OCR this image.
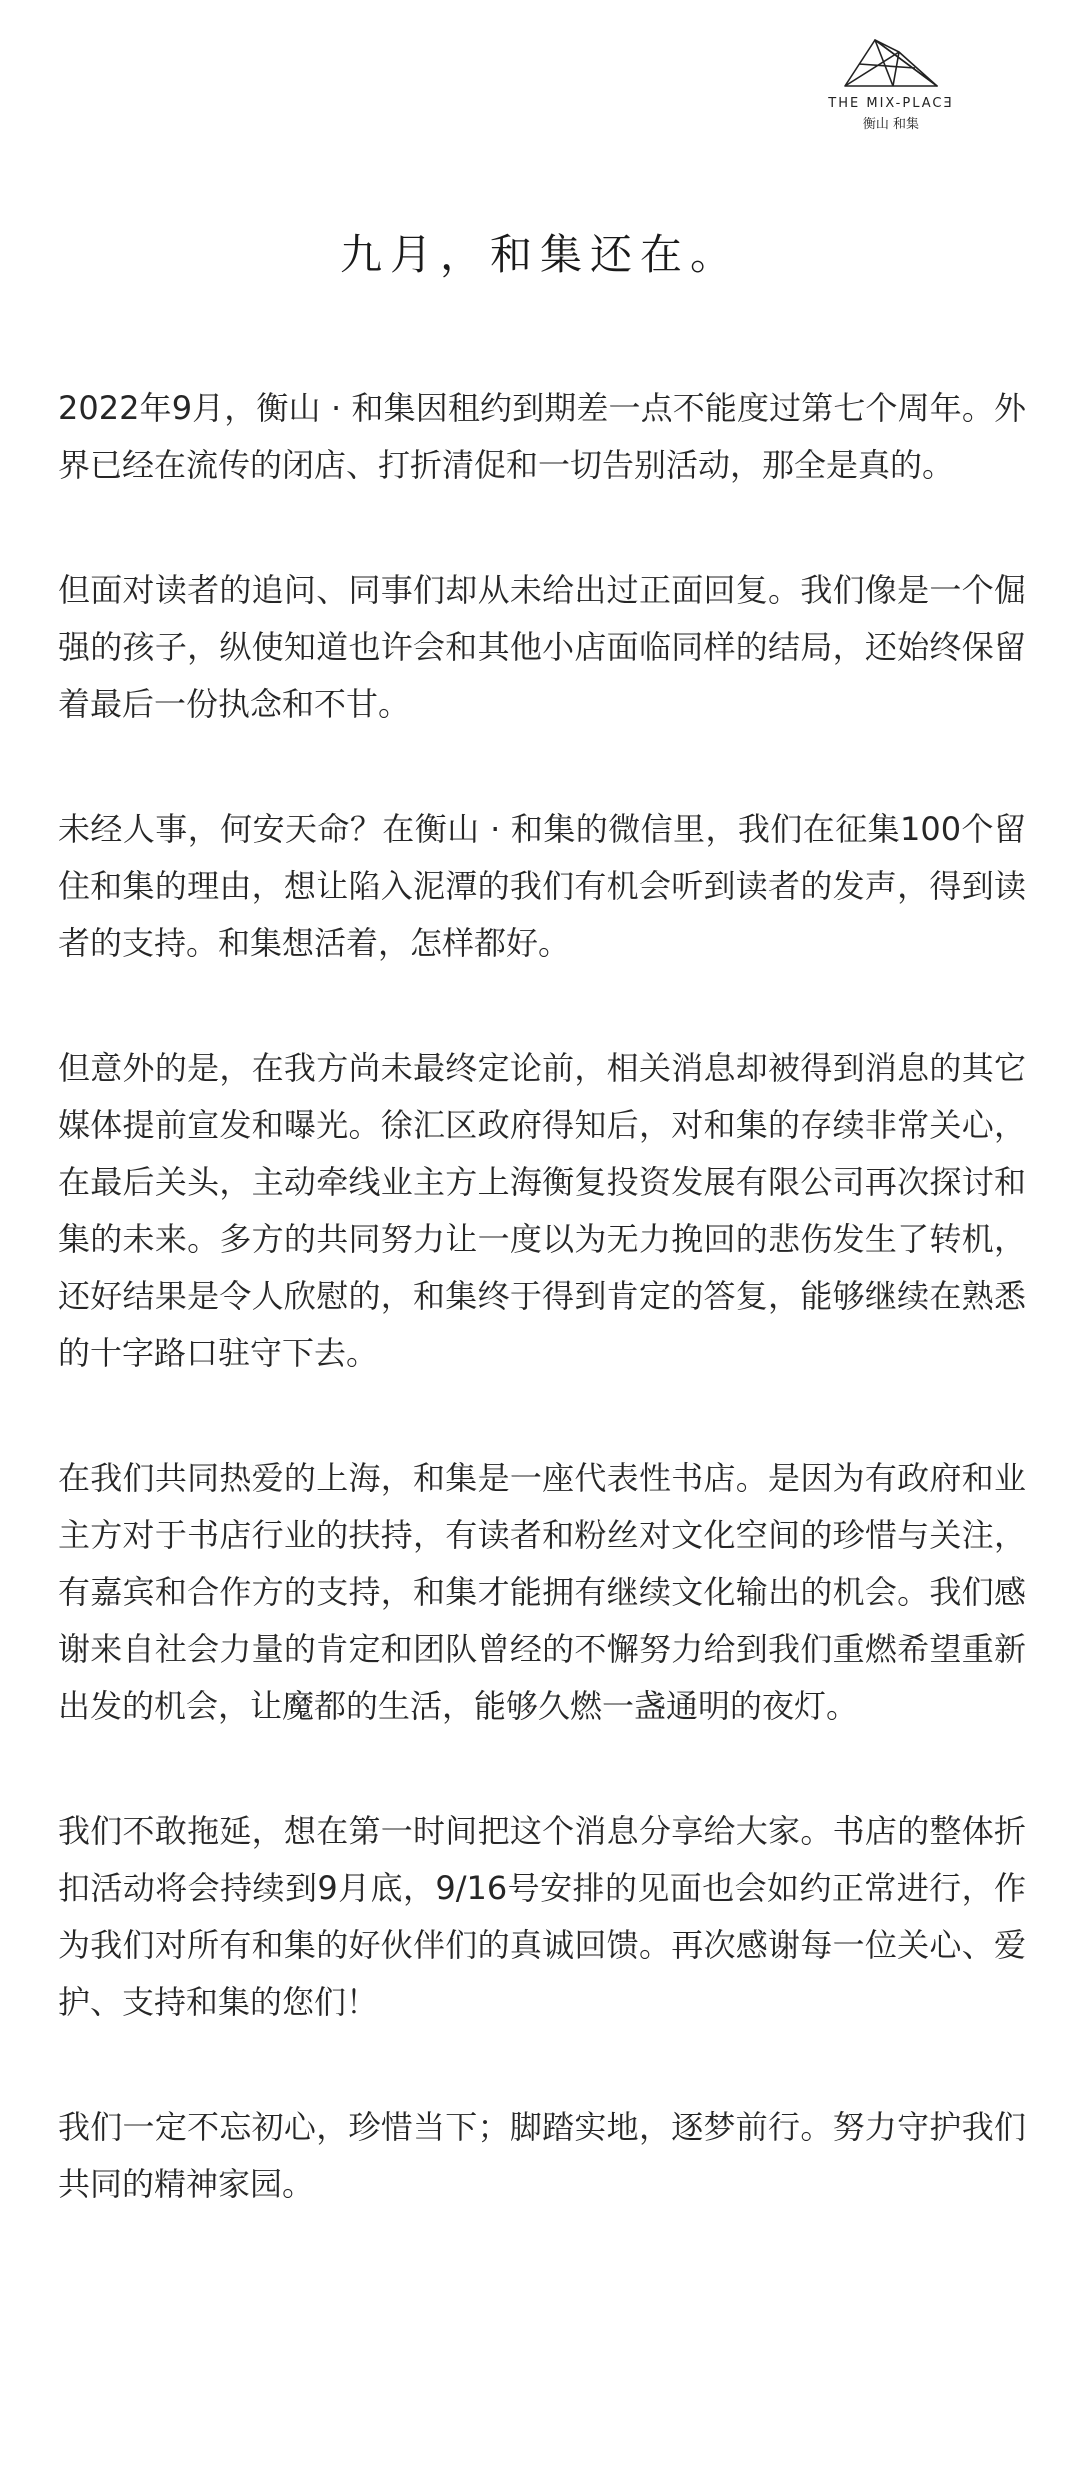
THE MIX-PLACƎ
衡山 和集
九月，和集还在。

2022年9月，衡山 · 和集因租约到期差一点不能度过第七个周年。外界已经在流传的闭店、打折清促和一切告别活动，那全是真的。

但面对读者的追问、同事们却从未给出过正面回复。我们像是一个倔强的孩子，纵使知道也许会和其他小店面临同样的结局，还始终保留着最后一份执念和不甘。

未经人事，何安天命？在衡山 · 和集的微信里，我们在征集100个留住和集的理由，想让陷入泥潭的我们有机会听到读者的发声，得到读者的支持。和集想活着，怎样都好。

但意外的是，在我方尚未最终定论前，相关消息却被得到消息的其它媒体提前宣发和曝光。徐汇区政府得知后，对和集的存续非常关心，在最后关头，主动牵线业主方上海衡复投资发展有限公司再次探讨和集的未来。多方的共同努力让一度以为无力挽回的悲伤发生了转机，还好结果是令人欣慰的，和集终于得到肯定的答复，能够继续在熟悉的十字路口驻守下去。

在我们共同热爱的上海，和集是一座代表性书店。是因为有政府和业主方对于书店行业的扶持，有读者和粉丝对文化空间的珍惜与关注，有嘉宾和合作方的支持，和集才能拥有继续文化输出的机会。我们感谢来自社会力量的肯定和团队曾经的不懈努力给到我们重燃希望重新出发的机会，让魔都的生活，能够久燃一盏通明的夜灯。

我们不敢拖延，想在第一时间把这个消息分享给大家。书店的整体折扣活动将会持续到9月底，9/16号安排的见面也会如约正常进行，作为我们对所有和集的好伙伴们的真诚回馈。再次感谢每一位关心、爱护、支持和集的您们！

我们一定不忘初心，珍惜当下；脚踏实地，逐梦前行。努力守护我们共同的精神家园。
